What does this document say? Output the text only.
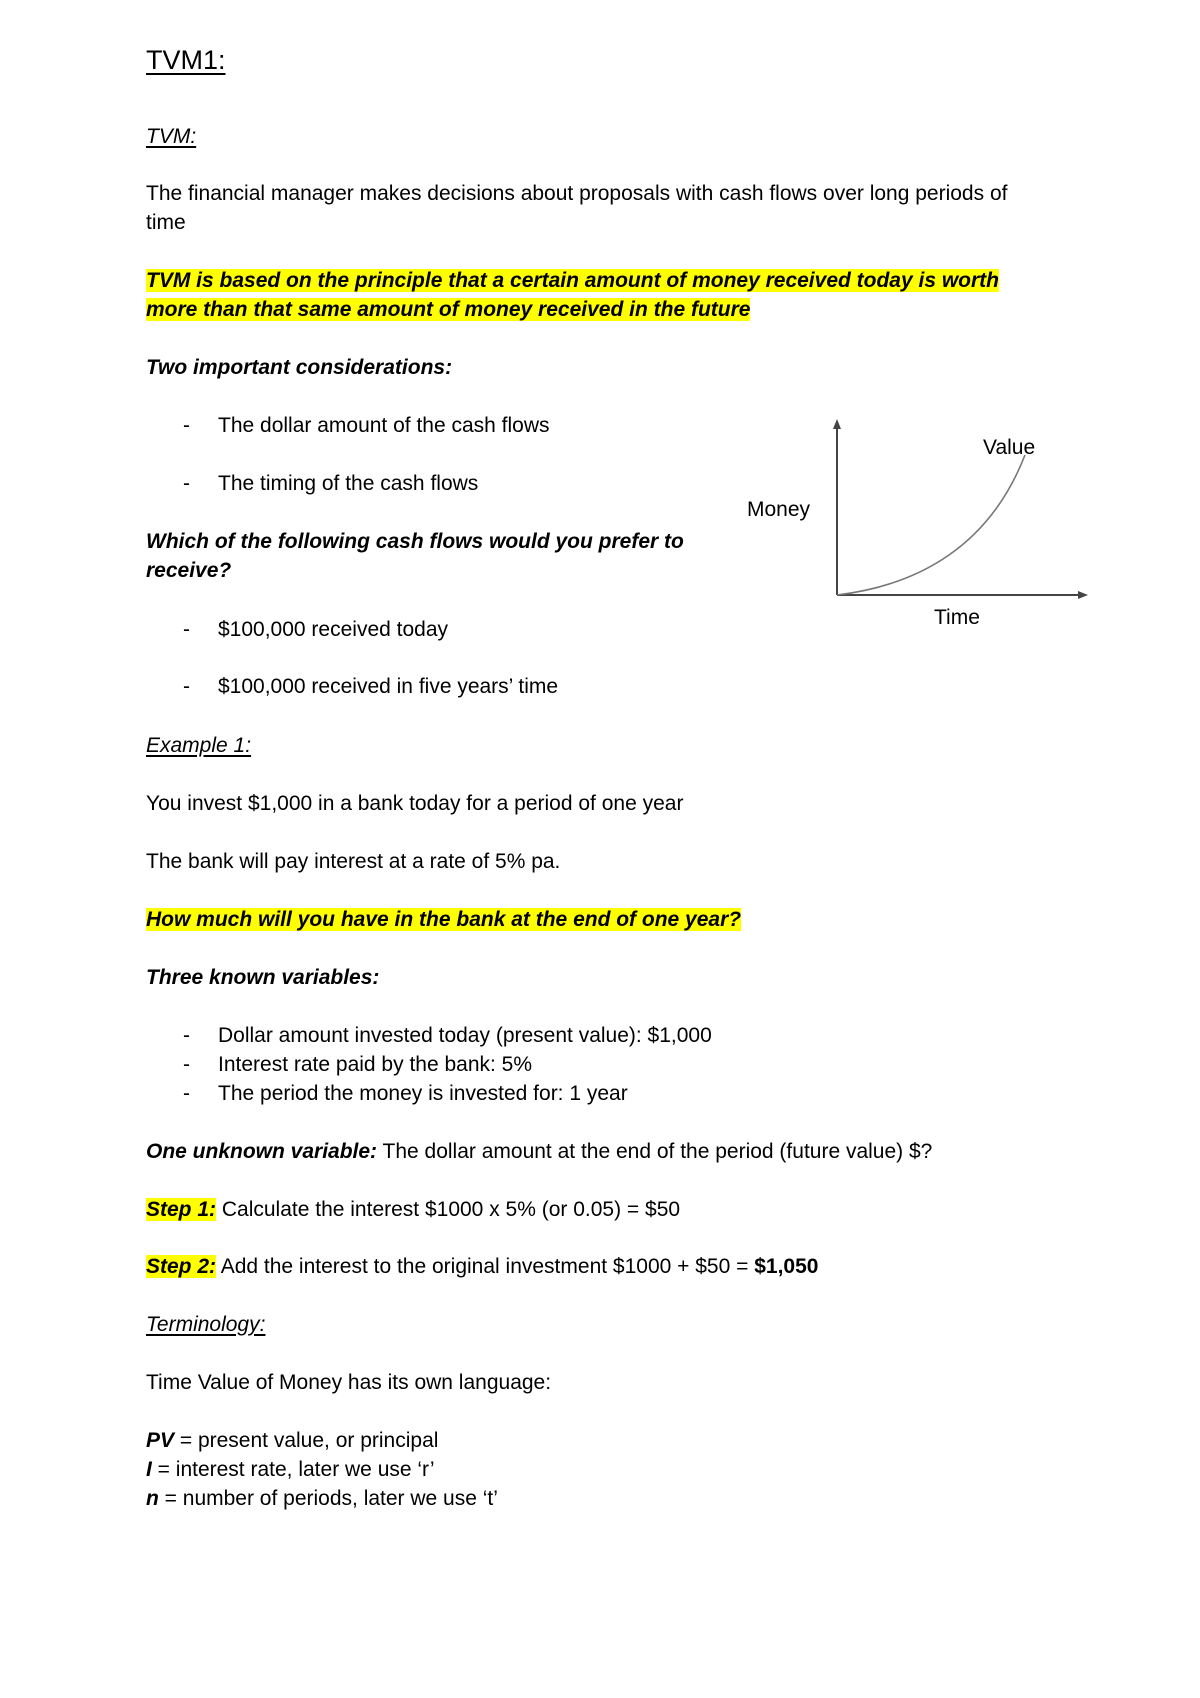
TVM1:
TVM:
The financial manager makes decisions about proposals with cash flows over long periods of
time
TVM is based on the principle that a certain amount of money received today is worth
more than that same amount of money received in the future
Two important considerations:
- The dollar amount of the cash flows
- The timing of the cash flows
Which of the following cash flows would you prefer to
receive?
- $100,000 received today
- $100,000 received in five years’ time
Money
Time
Value
Example 1:
You invest $1,000 in a bank today for a period of one year
The bank will pay interest at a rate of 5% pa.
How much will you have in the bank at the end of one year?
Three known variables:
- Dollar amount invested today (present value): $1,000
- Interest rate paid by the bank: 5%
- The period the money is invested for: 1 year
One unknown variable: The dollar amount at the end of the period (future value) $?
Step 1: Calculate the interest $1000 x 5% (or 0.05) = $50
Step 2: Add the interest to the original investment $1000 + $50 = $1,050
Terminology:
Time Value of Money has its own language:
PV = present value, or principal
I = interest rate, later we use ‘r’
n = number of periods, later we use ‘t’
